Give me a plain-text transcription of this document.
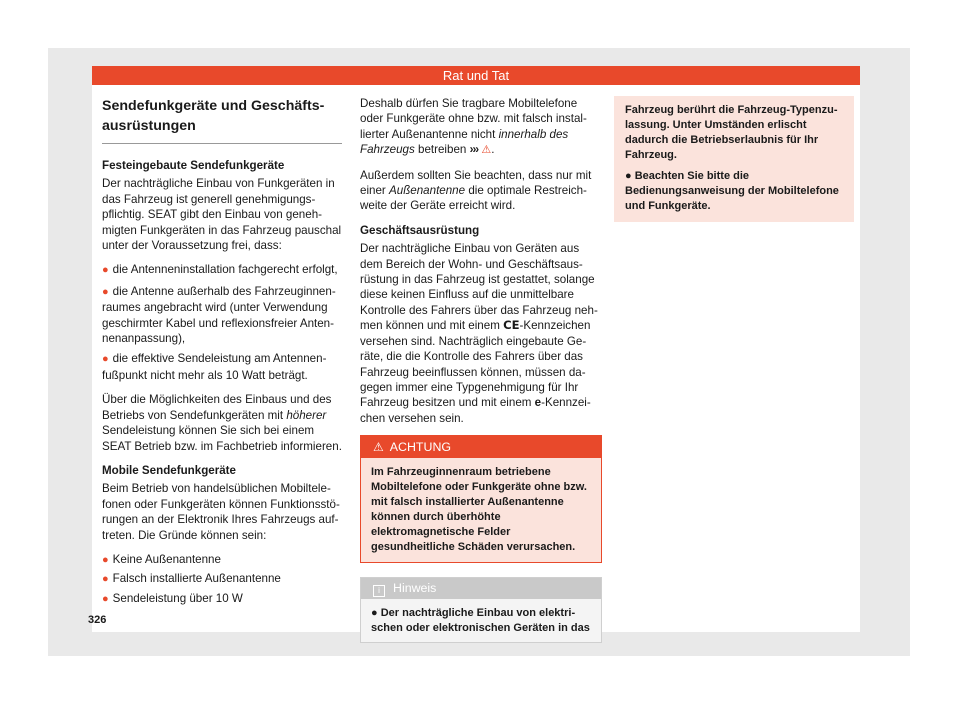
Rat und Tat
Sendefunkgeräte und Geschäftsausrüstungen
Festeingebaute Sendefunkgeräte

Der nachträgliche Einbau von Funkgeräten in das Fahrzeug ist generell genehmigungspflichtig. SEAT gibt den Einbau von genehmigten Funkgeräten in das Fahrzeug pauschal unter der Voraussetzung frei, dass:

● die Antenneninstallation fachgerecht erfolgt,
● die Antenne außerhalb des Fahrzeuginnenraumes angebracht wird (unter Verwendung geschirmter Kabel und reflexionsfreier Antennenanpassung),
● die effektive Sendeleistung am Antennenfußpunkt nicht mehr als 10 Watt beträgt.

Über die Möglichkeiten des Einbaus und des Betriebs von Sendefunkgeräten mit höherer Sendeleistung können Sie sich bei einem SEAT Betrieb bzw. im Fachbetrieb informieren.

Mobile Sendefunkgeräte

Beim Betrieb von handelsüblichen Mobiltelefonen oder Funkgeräten können Funktionsstörungen an der Elektronik Ihres Fahrzeugs auftreten. Die Gründe können sein:

● Keine Außenantenne
● Falsch installierte Außenantenne
● Sendeleistung über 10 W

Deshalb dürfen Sie tragbare Mobiltelefone oder Funkgeräte ohne bzw. mit falsch installierter Außenantenne nicht innerhalb des Fahrzeugs betreiben ››› ⚠.

Außerdem sollten Sie beachten, dass nur mit einer Außenantenne die optimale Restreichweite der Geräte erreicht wird.

Geschäftsausrüstung

Der nachträgliche Einbau von Geräten aus dem Bereich der Wohn- und Geschäftsausrüstung in das Fahrzeug ist gestattet, solange diese keinen Einfluss auf die unmittelbare Kontrolle des Fahrers über das Fahrzeug nehmen können und mit einem CE-Kennzeichen versehen sind. Nachträglich eingebaute Geräte, die die Kontrolle des Fahrers über das Fahrzeug beeinflussen können, müssen dagegen immer eine Typgenehmigung für Ihr Fahrzeug besitzen und mit einem e-Kennzeichen versehen sein.

⚠ ACHTUNG
Im Fahrzeuginnenraum betriebene Mobiltelefone oder Funkgeräte ohne bzw. mit falsch installierter Außenantenne können durch überhöhte elektromagnetische Felder gesundheitliche Schäden verursachen.
i Hinweis
● Der nachträgliche Einbau von elektrischen oder elektronischen Geräten in das
Fahrzeug berührt die Fahrzeug-Typenzulassung. Unter Umständen erlischt dadurch die Betriebserlaubnis für Ihr Fahrzeug.
● Beachten Sie bitte die Bedienungsanweisung der Mobiltelefone und Funkgeräte.
326
